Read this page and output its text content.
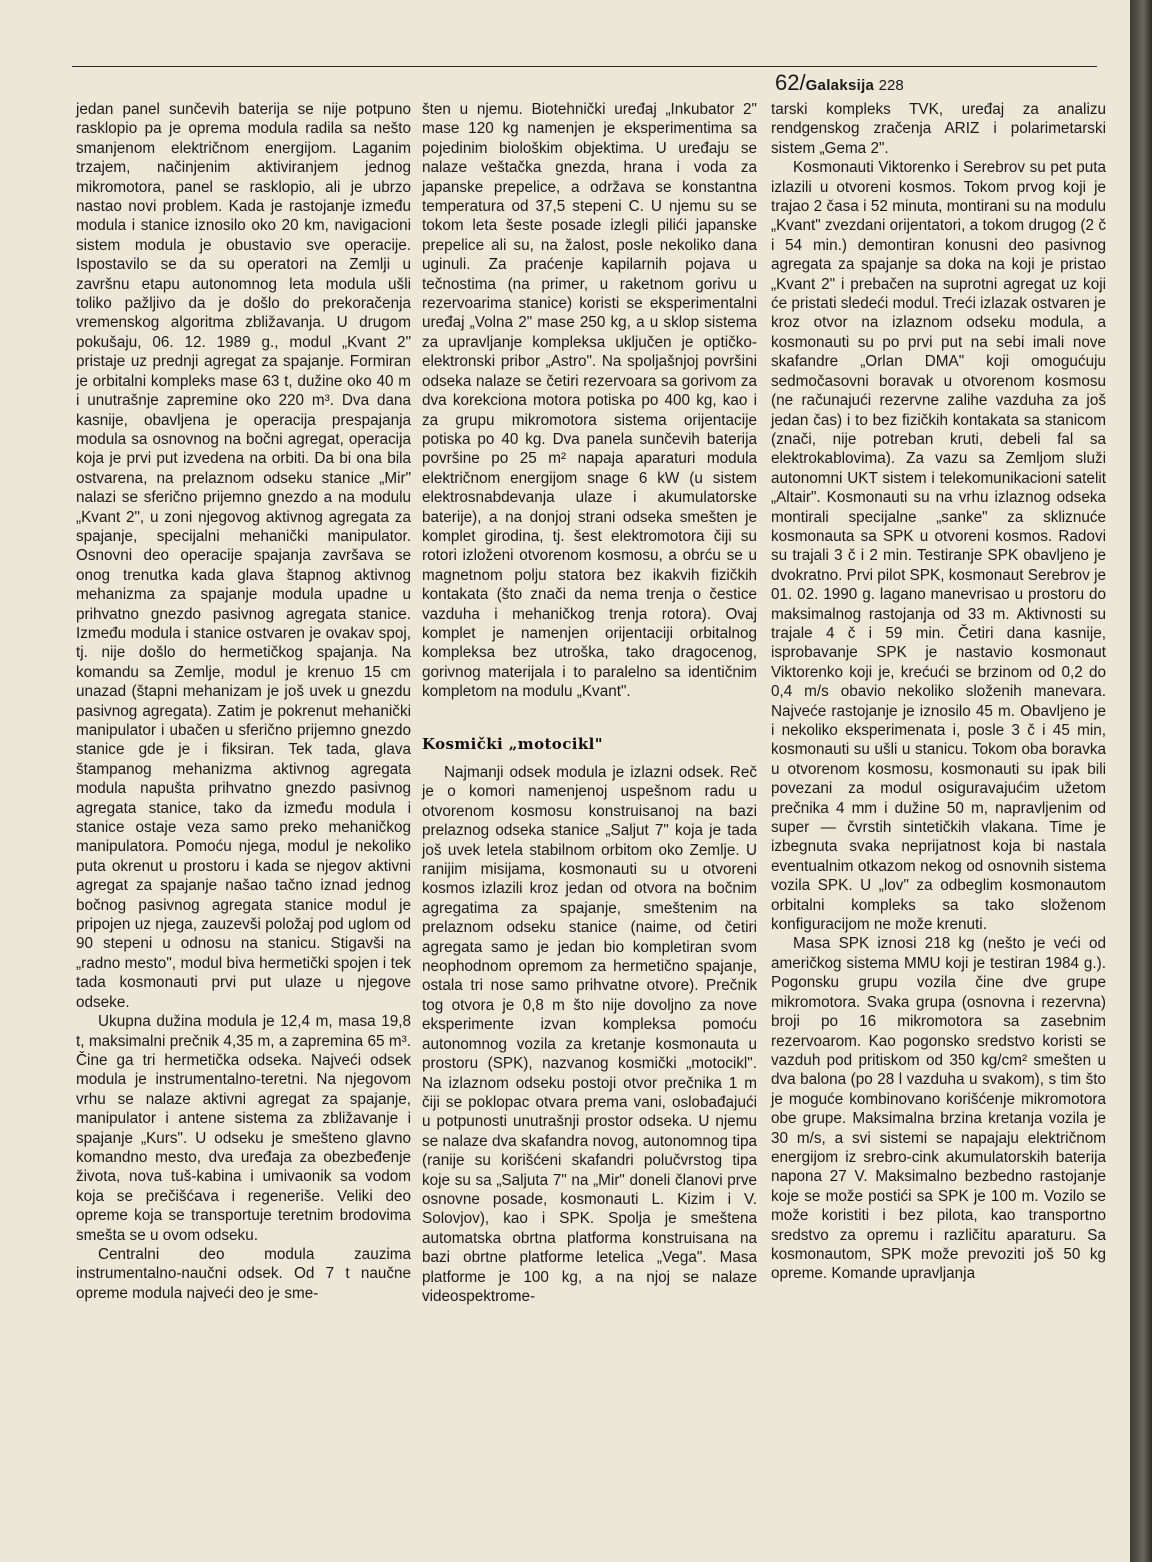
62/Galaksija 228

jedan panel sunčevih baterija se nije potpuno rasklopio pa je oprema modula radila sa nešto smanjenom električnom energijom. Laganim trzajem, načinjenim aktiviranjem jednog mikromotora, panel se rasklopio, ali je ubrzo nastao novi problem. Kada je rastojanje između modula i stanice iznosilo oko 20 km, navigacioni sistem modula je obustavio sve operacije. Ispostavilo se da su operatori na Zemlji u završnu etapu autonomnog leta modula ušli toliko pažljivo da je došlo do prekoračenja vremenskog algoritma zbližavanja. U drugom pokušaju, 06. 12. 1989 g., modul „Kvant 2" pristaje uz prednji agregat za spajanje. Formiran je orbitalni kompleks mase 63 t, dužine oko 40 m i unutrašnje zapremine oko 220 m³. Dva dana kasnije, obavljena je operacija prespajanja modula sa osnovnog na bočni agregat, operacija koja je prvi put izvedena na orbiti. Da bi ona bila ostvarena, na prelaznom odseku stanice „Mir" nalazi se sferično prijemno gnezdo a na modulu „Kvant 2", u zoni njegovog aktivnog agregata za spajanje, specijalni mehanički manipulator. Osnovni deo operacije spajanja završava se onog trenutka kada glava štapnog aktivnog mehanizma za spajanje modula upadne u prihvatno gnezdo pasivnog agregata stanice. Između modula i stanice ostvaren je ovakav spoj, tj. nije došlo do hermetičkog spajanja. Na komandu sa Zemlje, modul je krenuo 15 cm unazad (štapni mehanizam je još uvek u gnezdu pasivnog agregata). Zatim je pokrenut mehanički manipulator i ubačen u sferično prijemno gnezdo stanice gde je i fiksiran. Tek tada, glava štampanog mehanizma aktivnog agregata modula napušta prihvatno gnezdo pasivnog agregata stanice, tako da između modula i stanice ostaje veza samo preko mehaničkog manipulatora. Pomoću njega, modul je nekoliko puta okrenut u prostoru i kada se njegov aktivni agregat za spajanje našao tačno iznad jednog bočnog pasivnog agregata stanice modul je pripojen uz njega, zauzevši položaj pod uglom od 90 stepeni u odnosu na stanicu. Stigavši na „radno mesto", modul biva hermetički spojen i tek tada kosmonauti prvi put ulaze u njegove odseke.

Ukupna dužina modula je 12,4 m, masa 19,8 t, maksimalni prečnik 4,35 m, a zapremina 65 m³. Čine ga tri hermetička odseka. Najveći odsek modula je instrumentalno-teretni. Na njegovom vrhu se nalaze aktivni agregat za spajanje, manipulator i antene sistema za zbližavanje i spajanje „Kurs". U odseku je smešteno glavno komandno mesto, dva uređaja za obezbeđenje života, nova tuš-kabina i umivaonik sa vodom koja se prečišćava i regeneriše. Veliki deo opreme koja se transportuje teretnim brodovima smešta se u ovom odseku.

Centralni deo modula zauzima instrumentalno-naučni odsek. Od 7 t naučne opreme modula najveći deo je sme-

šten u njemu. Biotehnički uređaj „Inkubator 2" mase 120 kg namenjen je eksperimentima sa pojedinim biološkim objektima. U uređaju se nalaze veštačka gnezda, hrana i voda za japanske prepelice, a održava se konstantna temperatura od 37,5 stepeni C. U njemu su se tokom leta šeste posade izlegli pilići japanske prepelice ali su, na žalost, posle nekoliko dana uginuli. Za praćenje kapilarnih pojava u tečnostima (na primer, u raketnom gorivu u rezervoarima stanice) koristi se eksperimentalni uređaj „Volna 2" mase 250 kg, a u sklop sistema za upravljanje kompleksa uključen je optičko-elektronski pribor „Astro". Na spoljašnjoj površini odseka nalaze se četiri rezervoara sa gorivom za dva korekciona motora potiska po 400 kg, kao i za grupu mikromotora sistema orijentacije potiska po 40 kg. Dva panela sunčevih baterija površine po 25 m² napaja aparaturi modula električnom energijom snage 6 kW (u sistem elektrosnabdevanja ulaze i akumulatorske baterije), a na donjoj strani odseka smešten je komplet girodina, tj. šest elektromotora čiji su rotori izloženi otvorenom kosmosu, a obrću se u magnetnom polju statora bez ikakvih fizičkih kontakata (što znači da nema trenja o čestice vazduha i mehaničkog trenja rotora). Ovaj komplet je namenjen orijentaciji orbitalnog kompleksa bez utroška, tako dragocenog, gorivnog materijala i to paralelno sa identičnim kompletom na modulu „Kvant".

Kosmički „motocikl"

Najmanji odsek modula je izlazni odsek. Reč je o komori namenjenoj uspešnom radu u otvorenom kosmosu konstruisanoj na bazi prelaznog odseka stanice „Saljut 7" koja je tada još uvek letela stabilnom orbitom oko Zemlje. U ranijim misijama, kosmonauti su u otvoreni kosmos izlazili kroz jedan od otvora na bočnim agregatima za spajanje, smeštenim na prelaznom odseku stanice (naime, od četiri agregata samo je jedan bio kompletiran svom neophodnom opremom za hermetično spajanje, ostala tri nose samo prihvatne otvore). Prečnik tog otvora je 0,8 m što nije dovoljno za nove eksperimente izvan kompleksa pomoću autonomnog vozila za kretanje kosmonauta u prostoru (SPK), nazvanog kosmički „motocikl". Na izlaznom odseku postoji otvor prečnika 1 m čiji se poklopac otvara prema vani, oslobađajući u potpunosti unutrašnji prostor odseka. U njemu se nalaze dva skafandra novog, autonomnog tipa (ranije su korišćeni skafandri polučvrstog tipa koje su sa „Saljuta 7" na „Mir" doneli članovi prve osnovne posade, kosmonauti L. Kizim i V. Solovjov), kao i SPK. Spolja je smeštena automatska obrtna platforma konstruisana na bazi obrtne platforme letelica „Vega". Masa platforme je 100 kg, a na njoj se nalaze videospektrome-

tarski kompleks TVK, uređaj za analizu rendgenskog zračenja ARIZ i polarimetarski sistem „Gema 2".

Kosmonauti Viktorenko i Serebrov su pet puta izlazili u otvoreni kosmos. Tokom prvog koji je trajao 2 časa i 52 minuta, montirani su na modulu „Kvant" zvezdani orijentatori, a tokom drugog (2 č i 54 min.) demontiran konusni deo pasivnog agregata za spajanje sa doka na koji je pristao „Kvant 2" i prebačen na suprotni agregat uz koji će pristati sledeći modul. Treći izlazak ostvaren je kroz otvor na izlaznom odseku modula, a kosmonauti su po prvi put na sebi imali nove skafandre „Orlan DMA" koji omogućuju sedmočasovni boravak u otvorenom kosmosu (ne računajući rezervne zalihe vazduha za još jedan čas) i to bez fizičkih kontakata sa stanicom (znači, nije potreban kruti, debeli fal sa elektrokablovima). Za vazu sa Zemljom služi autonomni UKT sistem i telekomunikacioni satelit „Altair". Kosmonauti su na vrhu izlaznog odseka montirali specijalne „sanke" za skliznuće kosmonauta sa SPK u otvoreni kosmos. Radovi su trajali 3 č i 2 min. Testiranje SPK obavljeno je dvokratno. Prvi pilot SPK, kosmonaut Serebrov je 01. 02. 1990 g. lagano manevrisao u prostoru do maksimalnog rastojanja od 33 m. Aktivnosti su trajale 4 č i 59 min. Četiri dana kasnije, isprobavanje SPK je nastavio kosmonaut Viktorenko koji je, krećući se brzinom od 0,2 do 0,4 m/s obavio nekoliko složenih manevara. Najveće rastojanje je iznosilo 45 m. Obavljeno je i nekoliko eksperimenata i, posle 3 č i 45 min, kosmonauti su ušli u stanicu. Tokom oba boravka u otvorenom kosmosu, kosmonauti su ipak bili povezani za modul osiguravajućim užetom prečnika 4 mm i dužine 50 m, napravljenim od super — čvrstih sintetičkih vlakana. Time je izbegnuta svaka neprijatnost koja bi nastala eventualnim otkazom nekog od osnovnih sistema vozila SPK. U „lov" za odbeglim kosmonautom orbitalni kompleks sa tako složenom konfiguracijom ne može krenuti.

Masa SPK iznosi 218 kg (nešto je veći od američkog sistema MMU koji je testiran 1984 g.). Pogonsku grupu vozila čine dve grupe mikromotora. Svaka grupa (osnovna i rezervna) broji po 16 mikromotora sa zasebnim rezervoarom. Kao pogonsko sredstvo koristi se vazduh pod pritiskom od 350 kg/cm² smešten u dva balona (po 28 l vazduha u svakom), s tim što je moguće kombinovano korišćenje mikromotora obe grupe. Maksimalna brzina kretanja vozila je 30 m/s, a svi sistemi se napajaju električnom energijom iz srebro-cink akumulatorskih baterija napona 27 V. Maksimalno bezbedno rastojanje koje se može postići sa SPK je 100 m. Vozilo se može koristiti i bez pilota, kao transportno sredstvo za opremu i različitu aparaturu. Sa kosmonautom, SPK može prevoziti još 50 kg opreme. Komande upravljanja
